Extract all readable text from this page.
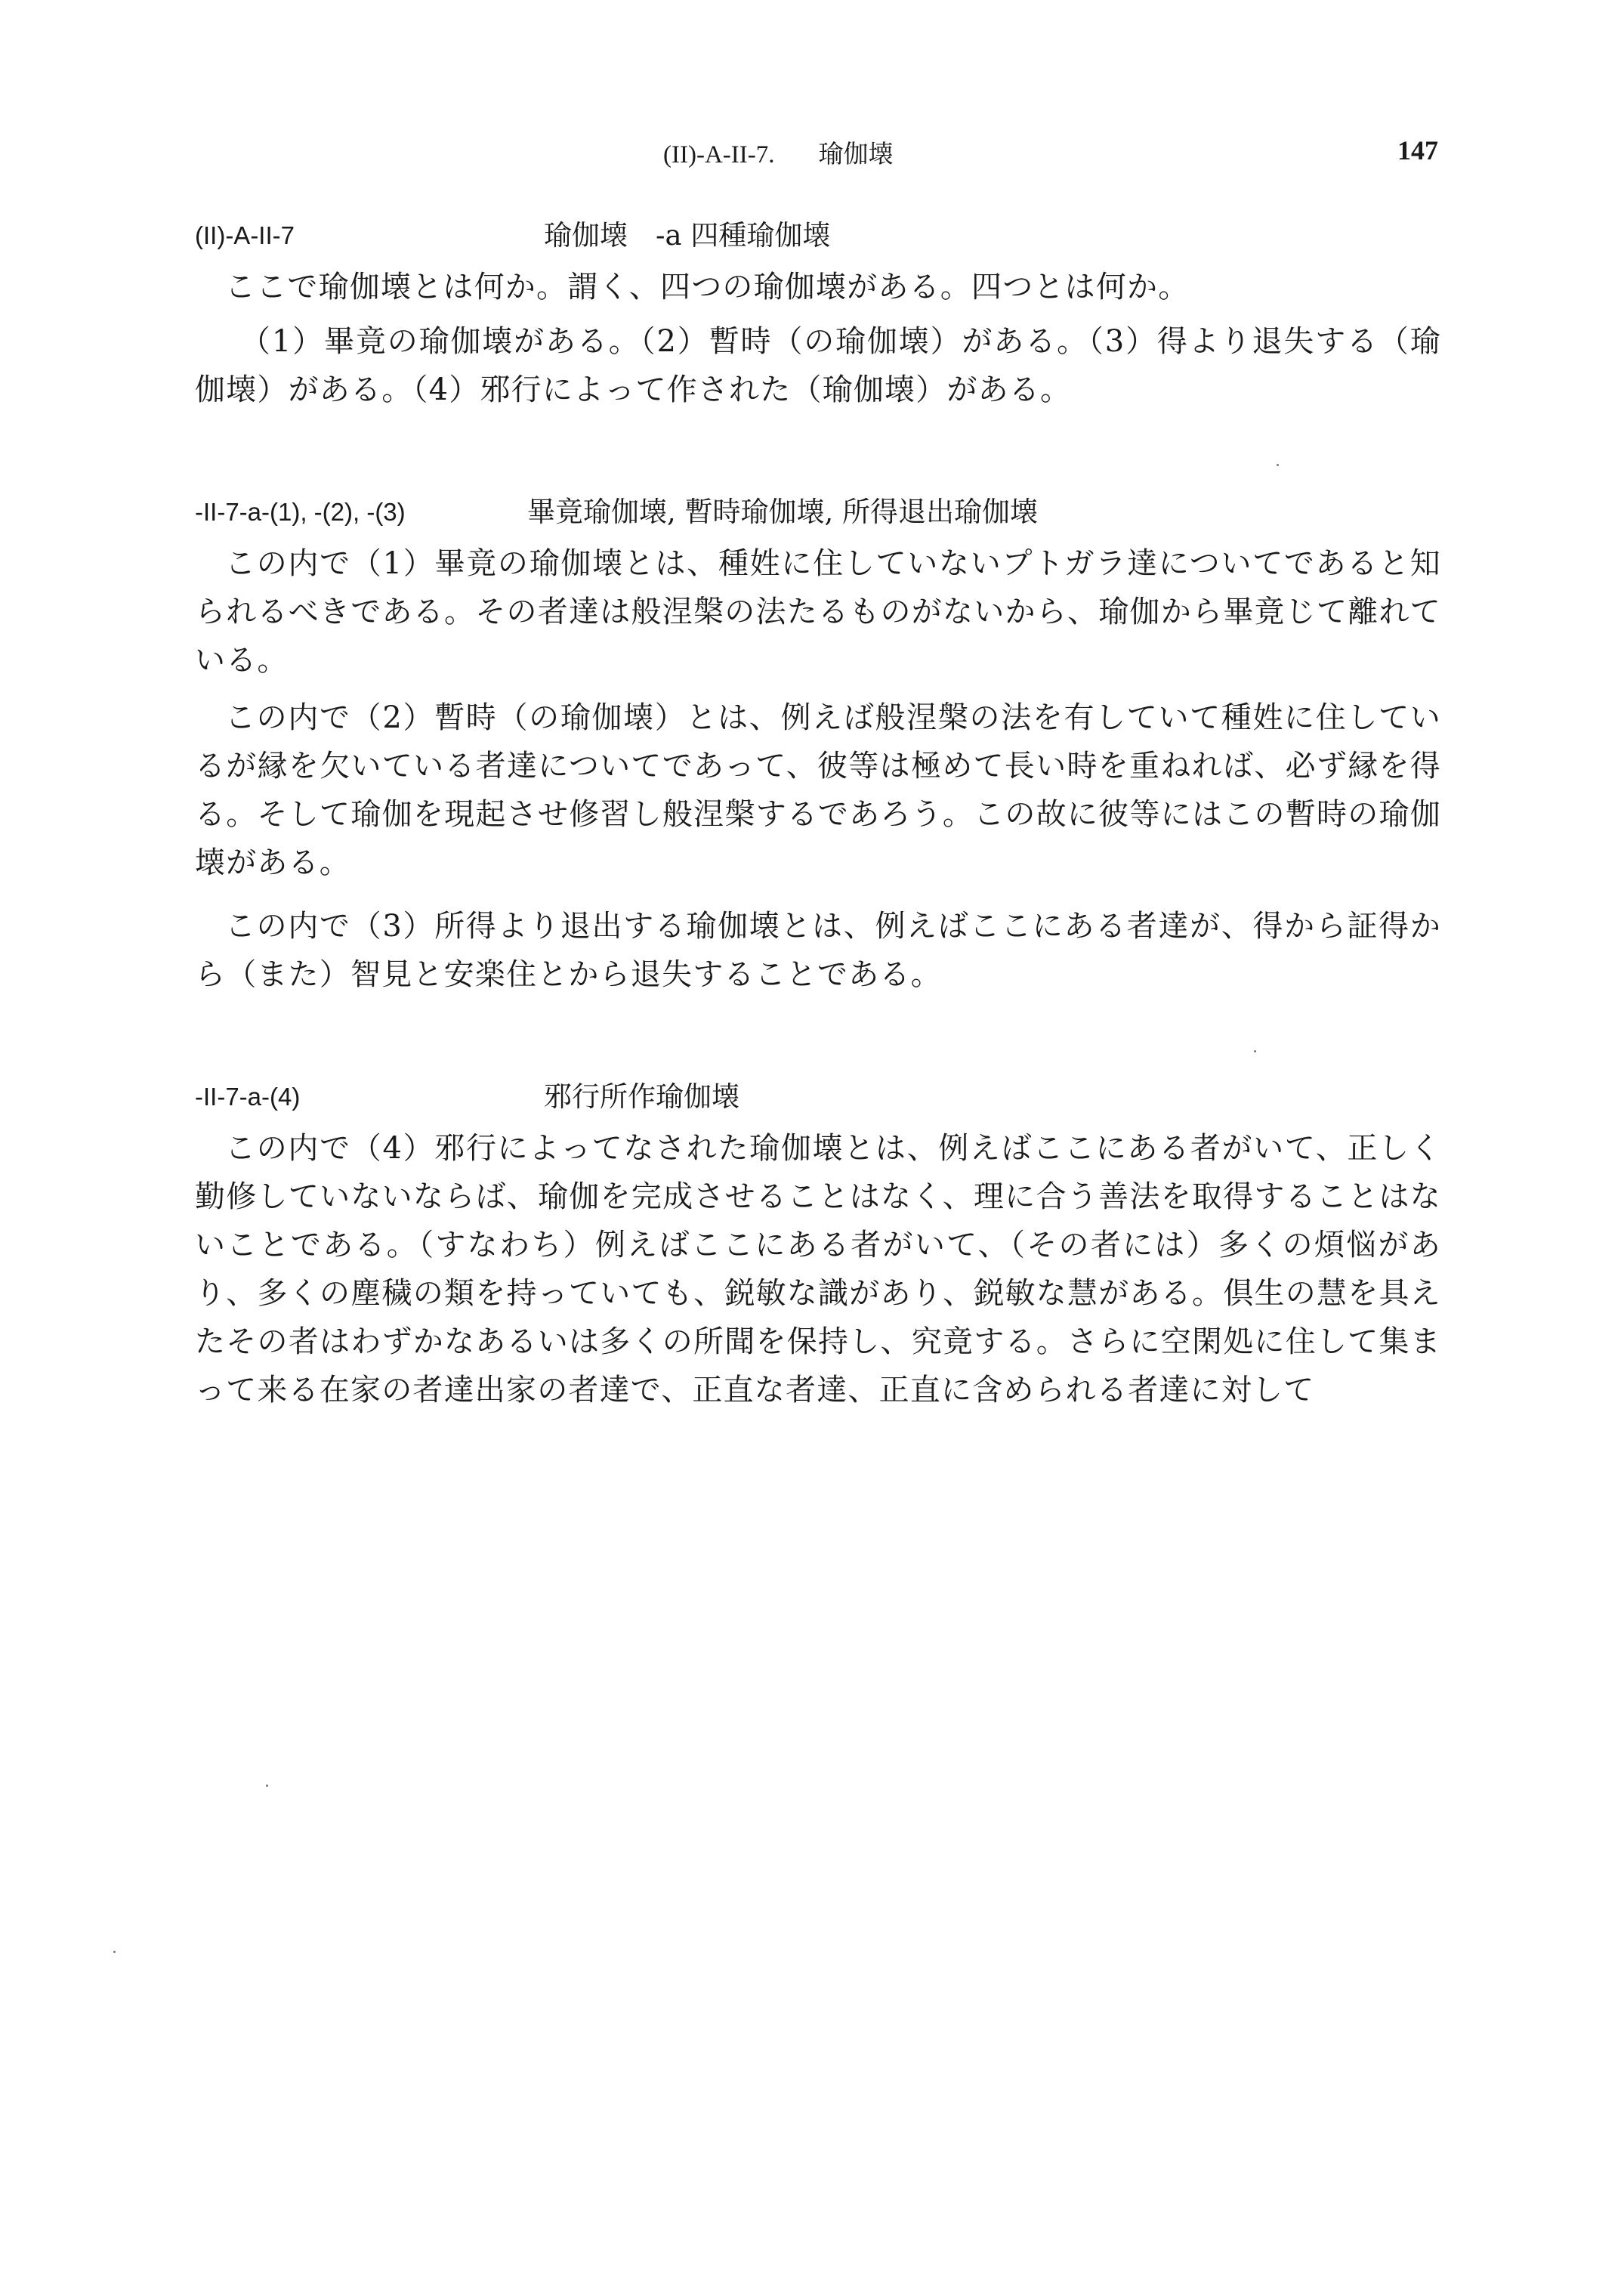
(II)-A-II-7. 瑜伽壊	147
(II)-A-II-7	瑜伽壊　-a 四種瑜伽壊

ここで瑜伽壊とは何か。謂く、四つの瑜伽壊がある。四つとは何か。

（1）畢竟の瑜伽壊がある。（2）暫時（の瑜伽壊）がある。（3）得より退失する（瑜伽壊）がある。（4）邪行によって作された（瑜伽壊）がある。

-II-7-a-(1), -(2), -(3)	畢竟瑜伽壊, 暫時瑜伽壊, 所得退出瑜伽壊

この内で（1）畢竟の瑜伽壊とは、種姓に住していないプトガラ達についてであると知られるべきである。その者達は般涅槃の法たるものがないから、瑜伽から畢竟じて離れている。

この内で（2）暫時（の瑜伽壊）とは、例えば般涅槃の法を有していて種姓に住しているが縁を欠いている者達についてであって、彼等は極めて長い時を重ねれば、必ず縁を得る。そして瑜伽を現起させ修習し般涅槃するであろう。この故に彼等にはこの暫時の瑜伽壊がある。

この内で（3）所得より退出する瑜伽壊とは、例えばここにある者達が、得から証得から（また）智見と安楽住とから退失することである。

-II-7-a-(4)	邪行所作瑜伽壊

この内で（4）邪行によってなされた瑜伽壊とは、例えばここにある者がいて、正しく勤修していないならば、瑜伽を完成させることはなく、理に合う善法を取得することはないことである。（すなわち）例えばここにある者がいて、（その者には）多くの煩悩があり、多くの塵穢の類を持っていても、鋭敏な識があり、鋭敏な慧がある。倶生の慧を具えたその者はわずかなあるいは多くの所聞を保持し、究竟する。さらに空閑処に住して集まって来る在家の者達出家の者達で、正直な者達、正直に含められる者達に対して
